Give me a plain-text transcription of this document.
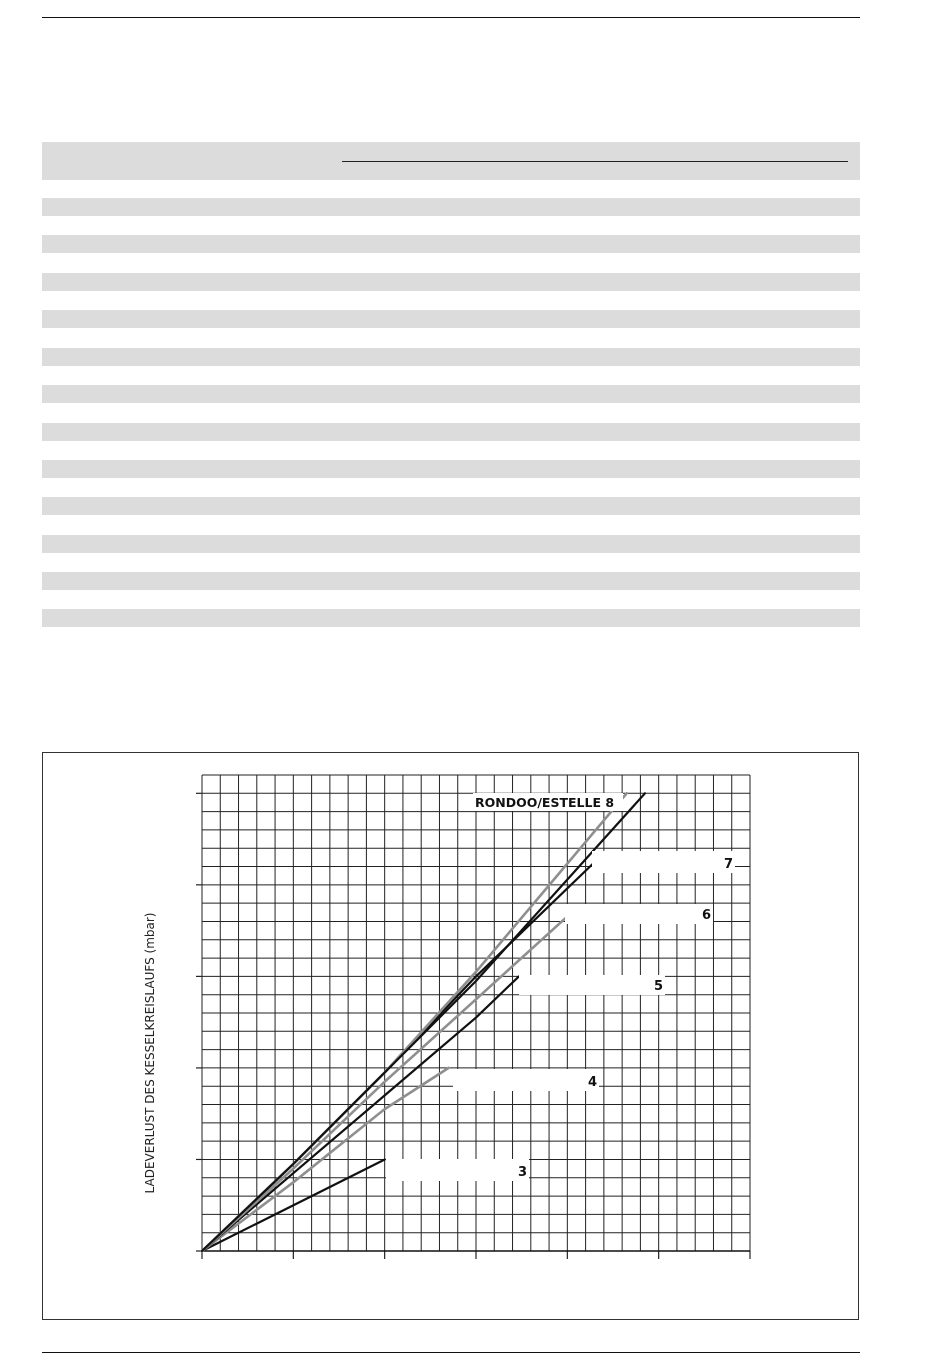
7
6
5
4
3
RONDOO/ESTELLE 8
LADEVERLUST DES KESSELKREISLAUFS (mbar)
